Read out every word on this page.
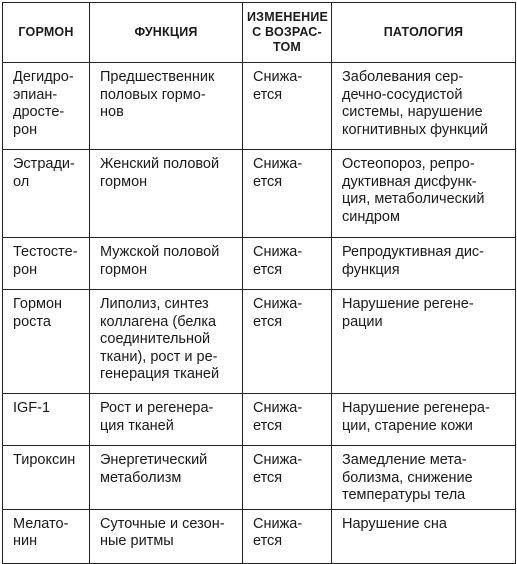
ГОРМОН	ФУНКЦИЯ	ИЗМЕНЕНИЕ
С ВОЗРАС-
ТОМ	ПАТОЛОГИЯ
Дегидро-
эпиан-
дросте-
рон	Предшественник
половых гормо-
нов	Снижа-
ется	Заболевания сер-
дечно-сосудистой
системы, нарушение
когнитивных функций
Эстради-
ол	Женский половой
гормон	Снижа-
ется	Остеопороз, репро-
дуктивная дисфунк-
ция, метаболический
синдром
Тестосте-
рон	Мужской половой
гормон	Снижа-
ется	Репродуктивная дис-
функция
Гормон
роста	Липолиз, синтез
коллагена (белка
соединительной
ткани), рост и ре-
генерация тканей	Снижа-
ется	Нарушение регене-
рации
IGF-1	Рост и регенера-
ция тканей	Снижа-
ется	Нарушение регенера-
ции, старение кожи
Тироксин	Энергетический
метаболизм	Снижа-
ется	Замедление мета-
болизма, снижение
температуры тела
Мелато-
нин	Суточные и сезон-
ные ритмы	Снижа-
ется	Нарушение сна
